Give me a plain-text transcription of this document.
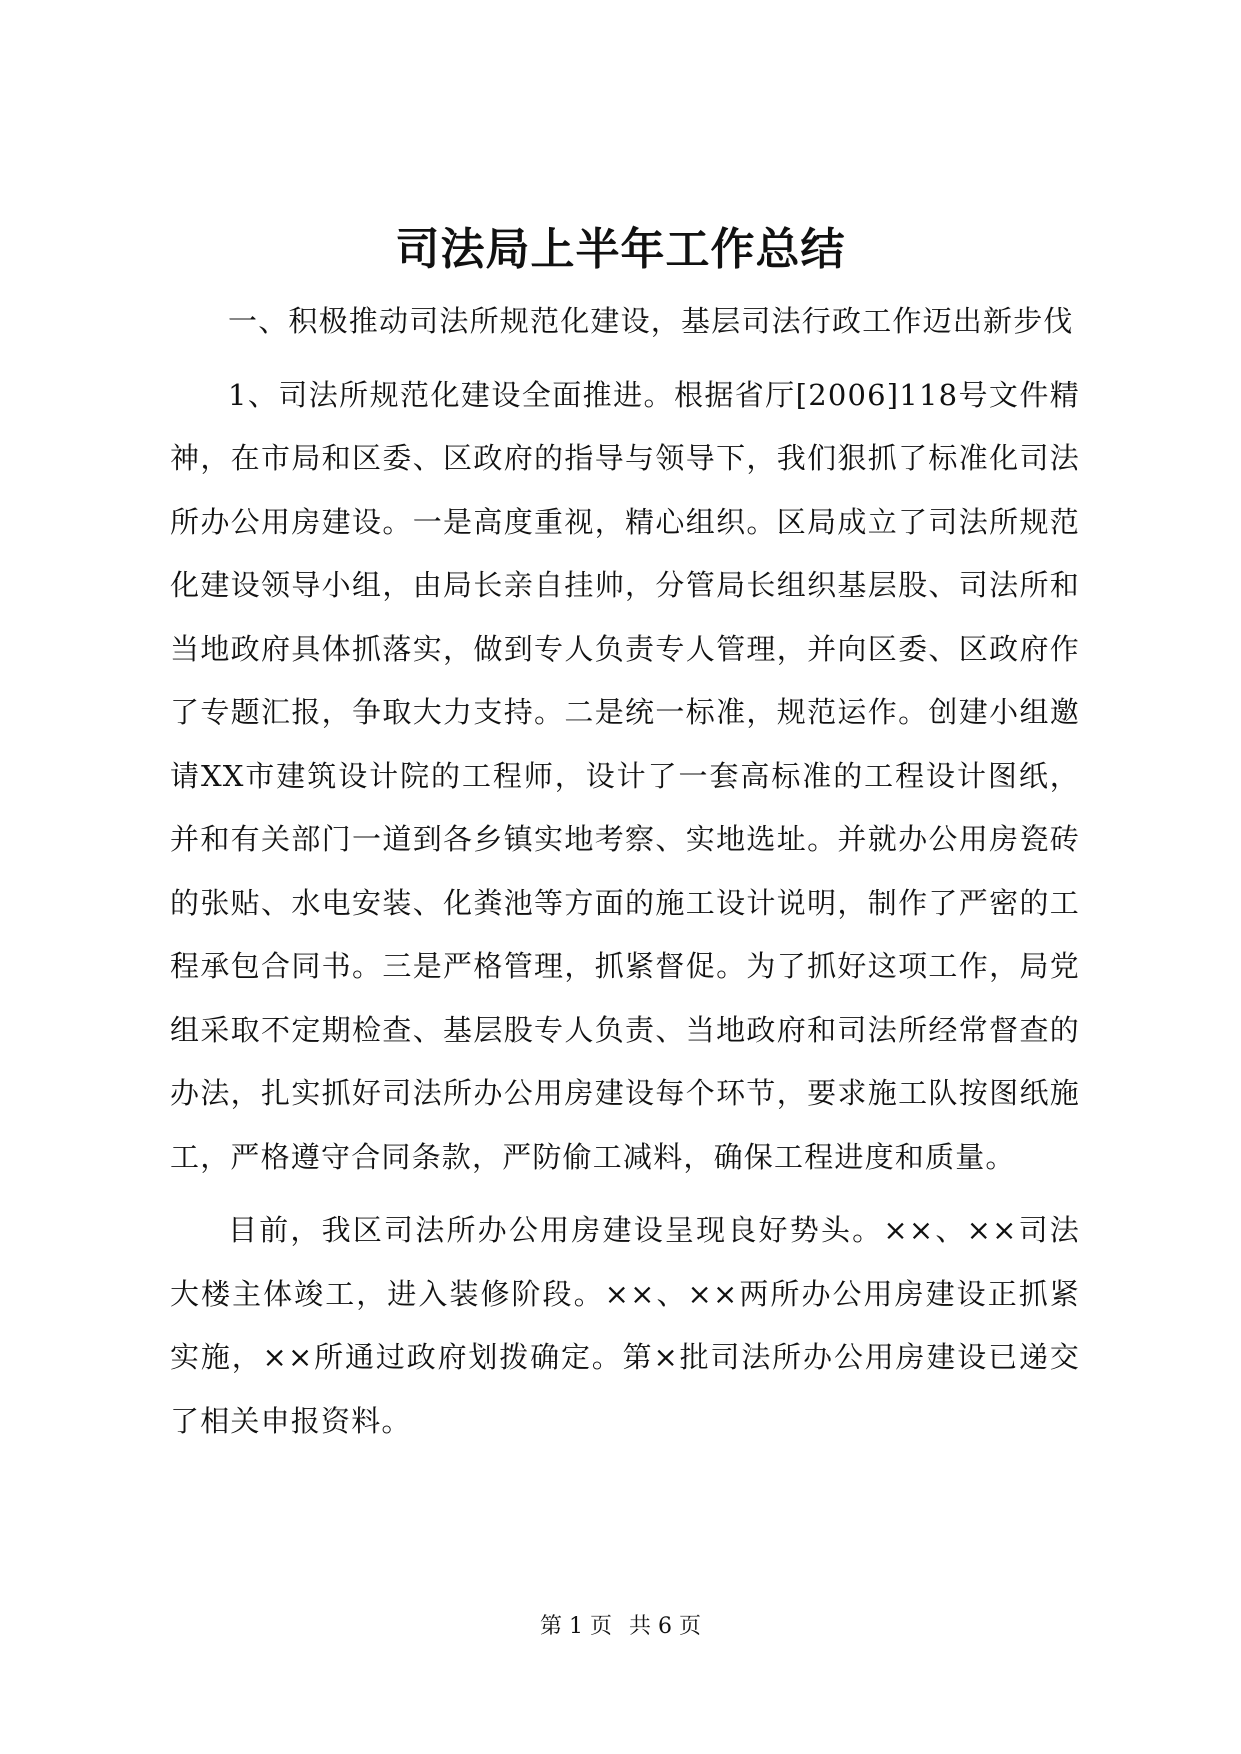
司法局上半年工作总结

一、积极推动司法所规范化建设，基层司法行政工作迈出新步伐

1、司法所规范化建设全面推进。根据省厅[2006]118号文件精神，在市局和区委、区政府的指导与领导下，我们狠抓了标准化司法所办公用房建设。一是高度重视，精心组织。区局成立了司法所规范化建设领导小组，由局长亲自挂帅，分管局长组织基层股、司法所和当地政府具体抓落实，做到专人负责专人管理，并向区委、区政府作了专题汇报，争取大力支持。二是统一标准，规范运作。创建小组邀请XX市建筑设计院的工程师，设计了一套高标准的工程设计图纸，并和有关部门一道到各乡镇实地考察、实地选址。并就办公用房瓷砖的张贴、水电安装、化粪池等方面的施工设计说明，制作了严密的工程承包合同书。三是严格管理，抓紧督促。为了抓好这项工作，局党组采取不定期检查、基层股专人负责、当地政府和司法所经常督查的办法，扎实抓好司法所办公用房建设每个环节，要求施工队按图纸施工，严格遵守合同条款，严防偷工减料，确保工程进度和质量。

目前，我区司法所办公用房建设呈现良好势头。××、××司法大楼主体竣工，进入装修阶段。××、××两所办公用房建设正抓紧实施，××所通过政府划拨确定。第×批司法所办公用房建设已递交了相关申报资料。

第 1 页 共 6 页
